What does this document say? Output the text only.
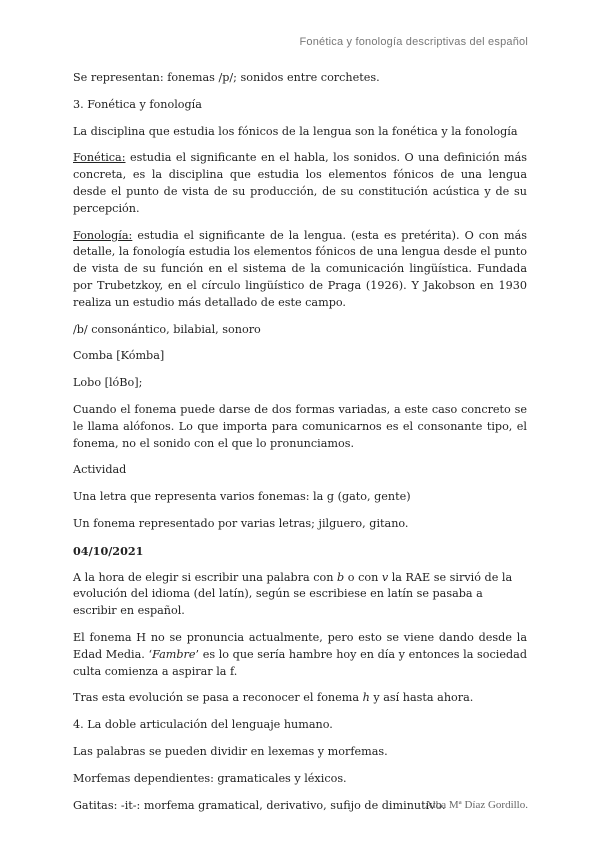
Fonética y fonología descriptivas del español

Se representan: fonemas /p/; sonidos entre corchetes.

3. Fonética y fonología

La disciplina que estudia los fónicos de la lengua son la fonética y la fonología

Fonética: estudia el significante en el habla, los sonidos. O una definición más concreta, es la disciplina que estudia los elementos fónicos de una lengua desde el punto de vista de su producción, de su constitución acústica y de su percepción.

Fonología: estudia el significante de la lengua. (esta es pretérita). O con más detalle, la fonología estudia los elementos fónicos de una lengua desde el punto de vista de su función en el sistema de la comunicación lingüística. Fundada por Trubetzkoy, en el círculo lingüístico de Praga (1926). Y Jakobson en 1930 realiza un estudio más detallado de este campo.

/b/ consonántico, bilabial, sonoro

Comba [Kómba]

Lobo [lóBo];

Cuando el fonema puede darse de dos formas variadas, a este caso concreto se le llama alófonos. Lo que importa para comunicarnos es el consonante tipo, el fonema, no el sonido con el que lo pronunciamos.

Actividad

Una letra que representa varios fonemas: la g (gato, gente)

Un fonema representado por varias letras; jilguero, gitano.

04/10/2021

A la hora de elegir si escribir una palabra con b o con v la RAE se sirvió de la evolución del idioma (del latín), según se escribiese en latín se pasaba a escribir en español.

El fonema H no se pronuncia actualmente, pero esto se viene dando desde la Edad Media. ‘Fambre’ es lo que sería hambre hoy en día y entonces la sociedad culta comienza a aspirar la f.

Tras esta evolución se pasa a reconocer el fonema h y así hasta ahora.

4. La doble articulación del lenguaje humano.

Las palabras se pueden dividir en lexemas y morfemas.

Morfemas dependientes: gramaticales y léxicos.

Gatitas: -it-: morfema gramatical, derivativo, sufijo de diminutivo.

Alba Mª Díaz Gordillo.
